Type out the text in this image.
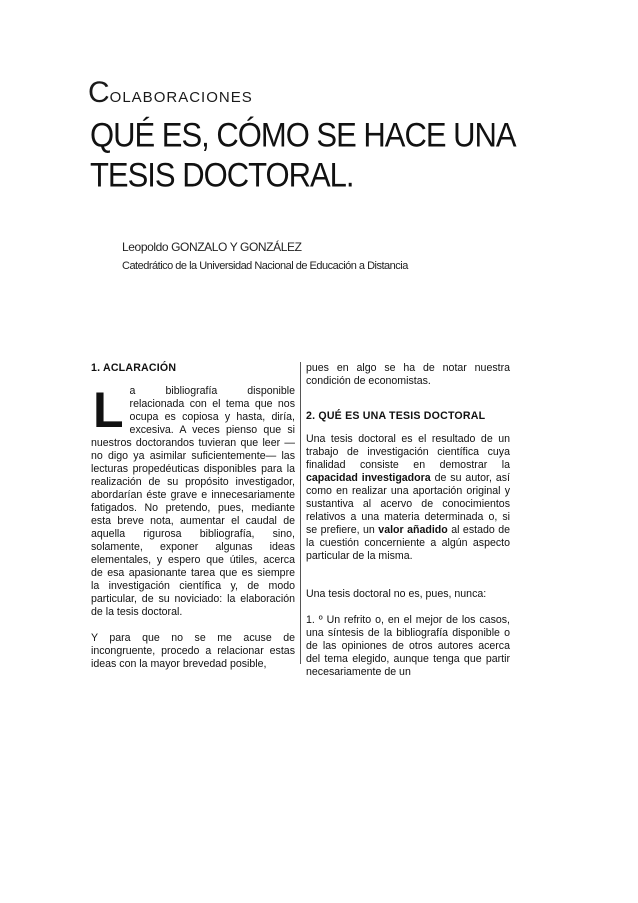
COLABORACIONES
QUÉ ES, CÓMO SE HACE UNA
TESIS DOCTORAL.
Leopoldo GONZALO Y GONZÁLEZ
Catedrático de la Universidad Nacional de Educación a Distancia
1. ACLARACIÓN

La bibliografía disponible relacionada con el tema que nos ocupa es copiosa y hasta, diría, excesiva. A veces pienso que si nuestros doctorandos tuvieran que leer —no digo ya asimilar suficientemente— las lecturas propedéuticas disponibles para la realización de su propósito investigador, abordarían éste grave e innecesariamente fatigados. No pretendo, pues, mediante esta breve nota, aumentar el caudal de aquella rigurosa bibliografía, sino, solamente, exponer algunas ideas elementales, y espero que útiles, acerca de esa apasionante tarea que es siempre la investigación científica y, de modo particular, de su noviciado: la elaboración de la tesis doctoral.

Y para que no se me acuse de incongruente, procedo a relacionar estas ideas con la mayor brevedad posible,

pues en algo se ha de notar nuestra condición de economistas.

2. QUÉ ES UNA TESIS DOCTORAL

Una tesis doctoral es el resultado de un trabajo de investigación científica cuya finalidad consiste en demostrar la capacidad investigadora de su autor, así como en realizar una aportación original y sustantiva al acervo de conocimientos relativos a una materia determinada o, si se prefiere, un valor añadido al estado de la cuestión concerniente a algún aspecto particular de la misma.

Una tesis doctoral no es, pues, nunca:

1. º Un refrito o, en el mejor de los casos, una síntesis de la bibliografía disponible o de las opiniones de otros autores acerca del tema elegido, aunque tenga que partir necesariamente de un
